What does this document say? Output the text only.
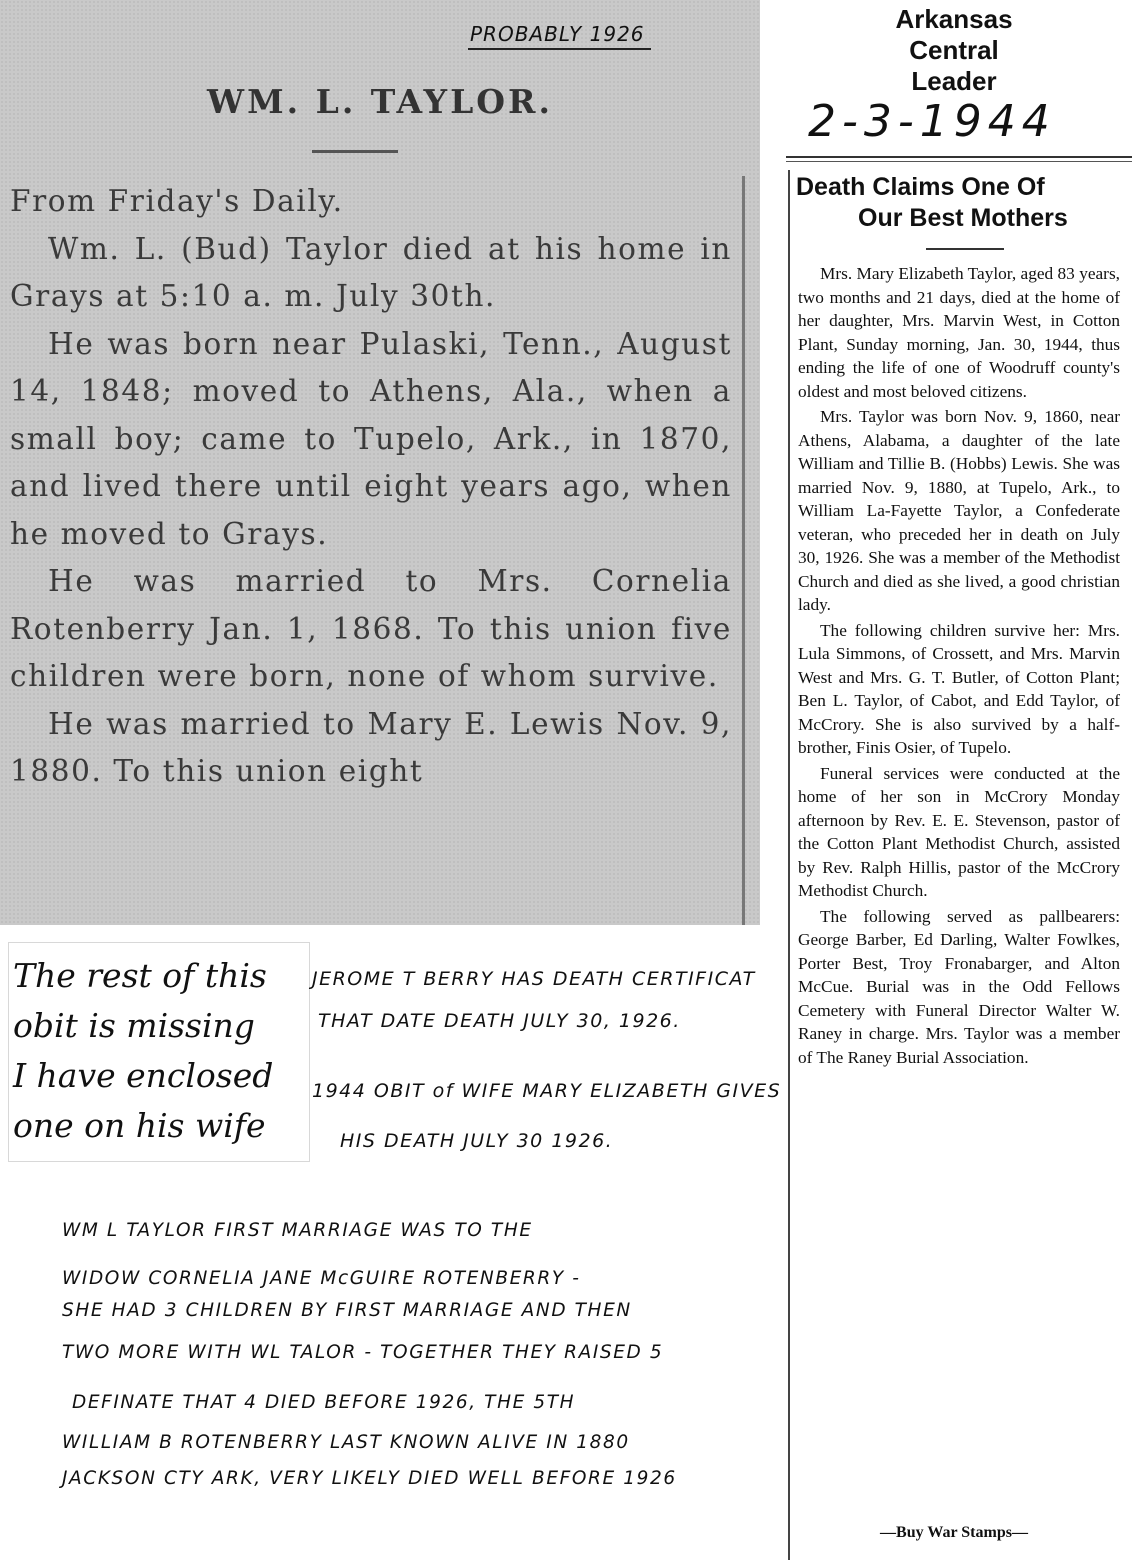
PROBABLY 1926
WM. L. TAYLOR.

From Friday's Daily.

Wm. L. (Bud) Taylor died at his home in Grays at 5:10 a. m. July 30th.

He was born near Pulaski, Tenn., August 14, 1848; moved to Athens, Ala., when a small boy; came to Tupelo, Ark., in 1870, and lived there until eight years ago, when he moved to Grays.

He was married to Mrs. Cornelia Rotenberry Jan. 1, 1868. To this union five children were born, none of whom survive.

He was married to Mary E. Lewis Nov. 9, 1880. To this union eight

The rest of this
obit is missing
I have enclosed
one on his wife
JEROME T BERRY HAS DEATH CERTIFICAT
THAT DATE DEATH JULY 30, 1926.
1944 OBIT of WIFE MARY ELIZABETH GIVES
HIS DEATH JULY 30 1926.
WM L TAYLOR FIRST MARRIAGE WAS TO THE
WIDOW CORNELIA JANE McGUIRE ROTENBERRY -
SHE HAD 3 CHILDREN BY FIRST MARRIAGE AND THEN
TWO MORE WITH WL TALOR - TOGETHER THEY RAISED 5
DEFINATE THAT 4 DIED BEFORE 1926, THE 5TH
WILLIAM B ROTENBERRY LAST KNOWN ALIVE IN 1880
JACKSON CTY ARK, VERY LIKELY DIED WELL BEFORE 1926
Arkansas
Central
Leader
2-3-1944
Death Claims One Of
Our Best Mothers

Mrs. Mary Elizabeth Taylor, aged 83 years, two months and 21 days, died at the home of her daughter, Mrs. Marvin West, in Cotton Plant, Sunday morning, Jan. 30, 1944, thus ending the life of one of Woodruff county's oldest and most beloved citizens.

Mrs. Taylor was born Nov. 9, 1860, near Athens, Alabama, a daughter of the late William and Tillie B. (Hobbs) Lewis. She was married Nov. 9, 1880, at Tupelo, Ark., to William La-Fayette Taylor, a Confederate veteran, who preceded her in death on July 30, 1926. She was a member of the Methodist Church and died as she lived, a good christian lady.

The following children survive her: Mrs. Lula Simmons, of Crossett, and Mrs. Marvin West and Mrs. G. T. Butler, of Cotton Plant; Ben L. Taylor, of Cabot, and Edd Taylor, of McCrory. She is also survived by a half-brother, Finis Osier, of Tupelo.

Funeral services were conducted at the home of her son in McCrory Monday afternoon by Rev. E. E. Stevenson, pastor of the Cotton Plant Methodist Church, assisted by Rev. Ralph Hillis, pastor of the McCrory Methodist Church.

The following served as pallbearers: George Barber, Ed Darling, Walter Fowlkes, Porter Best, Troy Fronabarger, and Alton McCue. Burial was in the Odd Fellows Cemetery with Funeral Director Walter W. Raney in charge. Mrs. Taylor was a member of The Raney Burial Association.

—Buy War Stamps—
